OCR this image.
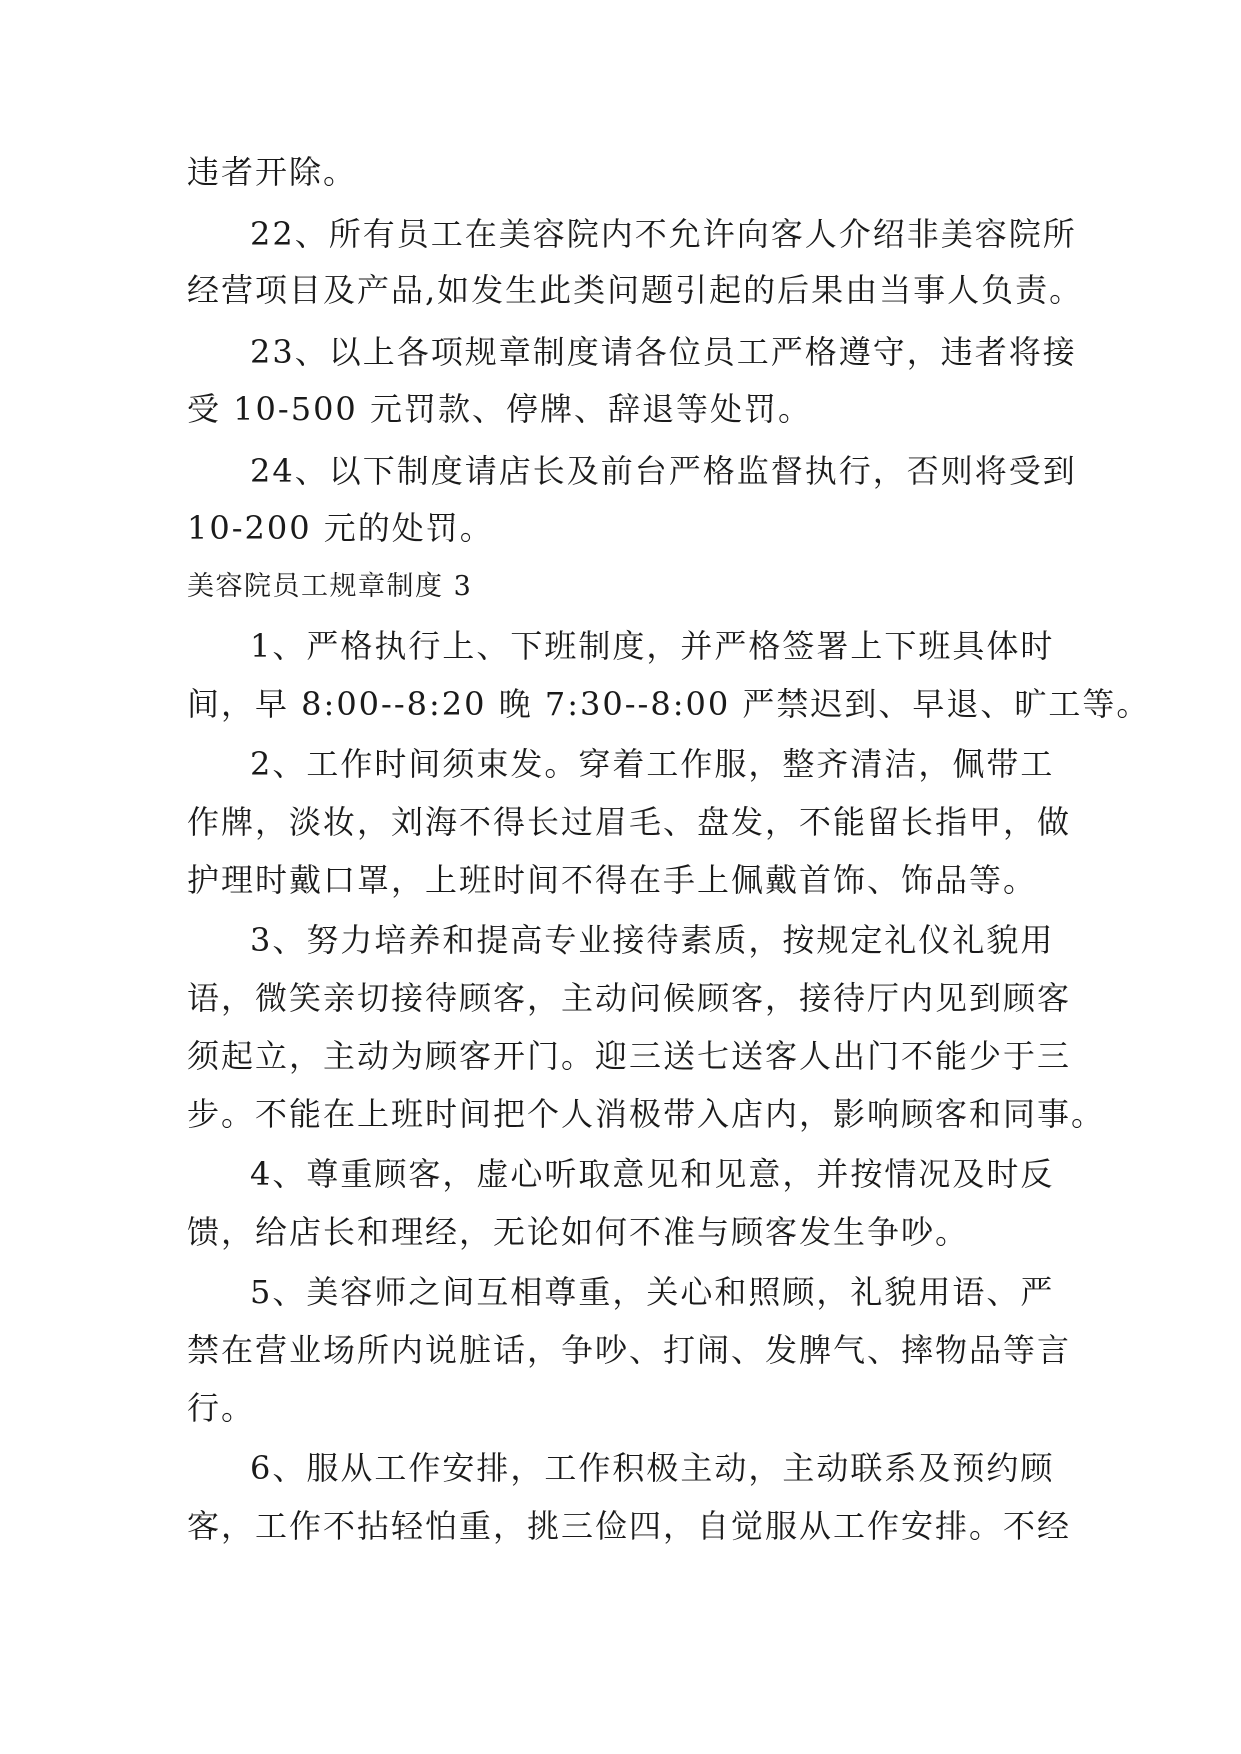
违者开除。
22、所有员工在美容院内不允许向客人介绍非美容院所
经营项目及产品,如发生此类问题引起的后果由当事人负责。
23、以上各项规章制度请各位员工严格遵守，违者将接
受 10-500 元罚款、停牌、辞退等处罚。
24、以下制度请店长及前台严格监督执行，否则将受到
10-200 元的处罚。
美容院员工规章制度 3
1、严格执行上、下班制度，并严格签署上下班具体时
间，早 8:00--8:20 晚 7:30--8:00 严禁迟到、早退、旷工等。
2、工作时间须束发。穿着工作服，整齐清洁，佩带工
作牌，淡妆，刘海不得长过眉毛、盘发，不能留长指甲，做
护理时戴口罩，上班时间不得在手上佩戴首饰、饰品等。
3、努力培养和提高专业接待素质，按规定礼仪礼貌用
语，微笑亲切接待顾客，主动问候顾客，接待厅内见到顾客
须起立，主动为顾客开门。迎三送七送客人出门不能少于三
步。不能在上班时间把个人消极带入店内，影响顾客和同事。
4、尊重顾客，虚心听取意见和见意，并按情况及时反
馈，给店长和理经，无论如何不准与顾客发生争吵。
5、美容师之间互相尊重，关心和照顾，礼貌用语、严
禁在营业场所内说脏话，争吵、打闹、发脾气、摔物品等言
行。
6、服从工作安排，工作积极主动，主动联系及预约顾
客，工作不拈轻怕重，挑三俭四，自觉服从工作安排。不经
